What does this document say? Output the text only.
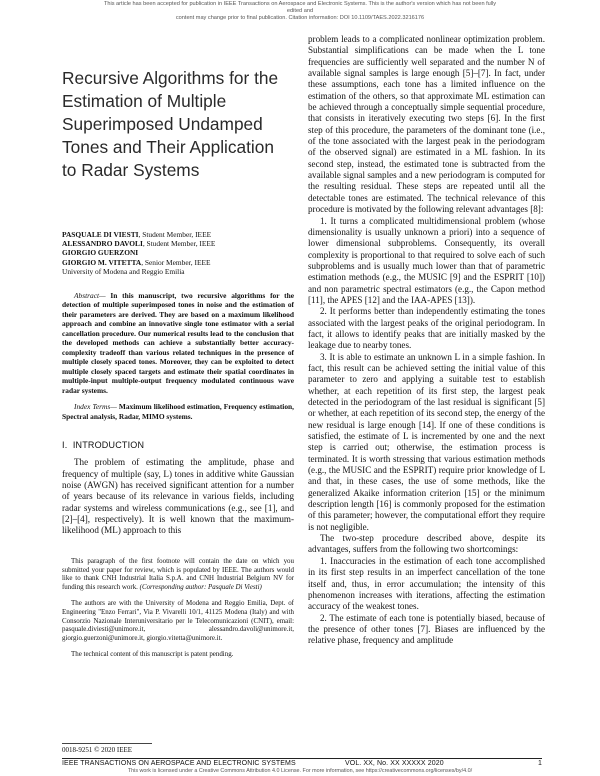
This article has been accepted for publication in IEEE Transactions on Aerospace and Electronic Systems. This is the author's version which has not been fully edited and
content may change prior to final publication. Citation information: DOI 10.1109/TAES.2022.3216176
Recursive Algorithms for the
Estimation of Multiple
Superimposed Undamped
Tones and Their Application
to Radar Systems
PASQUALE DI VIESTI, Student Member, IEEE
ALESSANDRO DAVOLI, Student Member, IEEE
GIORGIO GUERZONI
GIORGIO M. VITETTA, Senior Member, IEEE
University of Modena and Reggio Emilia

Abstract— In this manuscript, two recursive algorithms for the detection of multiple superimposed tones in noise and the estimation of their parameters are derived. They are based on a maximum likelihood approach and combine an innovative single tone estimator with a serial cancellation procedure. Our numerical results lead to the conclusion that the developed methods can achieve a substantially better accuracy-complexity tradeoff than various related techniques in the presence of multiple closely spaced tones. Moreover, they can be exploited to detect multiple closely spaced targets and estimate their spatial coordinates in multiple-input multiple-output frequency modulated continuous wave radar systems.

Index Terms— Maximum likelihood estimation, Frequency estimation, Spectral analysis, Radar, MIMO systems.

I. INTRODUCTION

The problem of estimating the amplitude, phase and frequency of multiple (say, L) tones in additive white Gaussian noise (AWGN) has received significant attention for a number of years because of its relevance in various fields, including radar systems and wireless communications (e.g., see [1], and [2]–[4], respectively). It is well known that the maximum-likelihood (ML) approach to this

This paragraph of the first footnote will contain the date on which you submitted your paper for review, which is populated by IEEE. The authors would like to thank CNH Industrial Italia S.p.A. and CNH Industrial Belgium NV for funding this research work. (Corresponding author: Pasquale Di Viesti)

The authors are with the University of Modena and Reggio Emilia, Dept. of Engineering "Enzo Ferrari", Via P. Vivarelli 10/1, 41125 Modena (Italy) and with Consorzio Nazionale Interuniversitario per le Telecomunicazioni (CNIT), email: pasquale.diviesti@unimore.it, alessandro.davoli@unimore.it, giorgio.guerzoni@unimore.it, giorgio.vitetta@unimore.it.

The technical content of this manuscript is patent pending.

0018-9251 © 2020 IEEE

problem leads to a complicated nonlinear optimization problem. Substantial simplifications can be made when the L tone frequencies are sufficiently well separated and the number N of available signal samples is large enough [5]–[7]. In fact, under these assumptions, each tone has a limited influence on the estimation of the others, so that approximate ML estimation can be achieved through a conceptually simple sequential procedure, that consists in iteratively executing two steps [6]. In the first step of this procedure, the parameters of the dominant tone (i.e., of the tone associated with the largest peak in the periodogram of the observed signal) are estimated in a ML fashion. In its second step, instead, the estimated tone is subtracted from the available signal samples and a new periodogram is computed for the resulting residual. These steps are repeated until all the detectable tones are estimated. The technical relevance of this procedure is motivated by the following relevant advantages [8]:

1. It turns a complicated multidimensional problem (whose dimensionality is usually unknown a priori) into a sequence of lower dimensional subproblems. Consequently, its overall complexity is proportional to that required to solve each of such subproblems and is usually much lower than that of parametric estimation methods (e.g., the MUSIC [9] and the ESPRIT [10]) and non parametric spectral estimators (e.g., the Capon method [11], the APES [12] and the IAA-APES [13]).

2. It performs better than independently estimating the tones associated with the largest peaks of the original periodogram. In fact, it allows to identify peaks that are initially masked by the leakage due to nearby tones.

3. It is able to estimate an unknown L in a simple fashion. In fact, this result can be achieved setting the initial value of this parameter to zero and applying a suitable test to establish whether, at each repetition of its first step, the largest peak detected in the periodogram of the last residual is significant [5] or whether, at each repetition of its second step, the energy of the new residual is large enough [14]. If one of these conditions is satisfied, the estimate of L is incremented by one and the next step is carried out; otherwise, the estimation process is terminated. It is worth stressing that various estimation methods (e.g., the MUSIC and the ESPRIT) require prior knowledge of L and that, in these cases, the use of some methods, like the generalized Akaike information criterion [15] or the minimum description length [16] is commonly proposed for the estimation of this parameter; however, the computational effort they require is not negligible.

The two-step procedure described above, despite its advantages, suffers from the following two shortcomings:

1. Inaccuracies in the estimation of each tone accomplished in its first step results in an imperfect cancellation of the tone itself and, thus, in error accumulation; the intensity of this phenomenon increases with iterations, affecting the estimation accuracy of the weakest tones.

2. The estimate of each tone is potentially biased, because of the presence of other tones [7]. Biases are influenced by the relative phase, frequency and amplitude

IEEE TRANSACTIONS ON AEROSPACE AND ELECTRONIC SYSTEMS	VOL. XX, No. XX XXXXX 2020	1
This work is licensed under a Creative Commons Attribution 4.0 License. For more information, see https://creativecommons.org/licenses/by/4.0/
